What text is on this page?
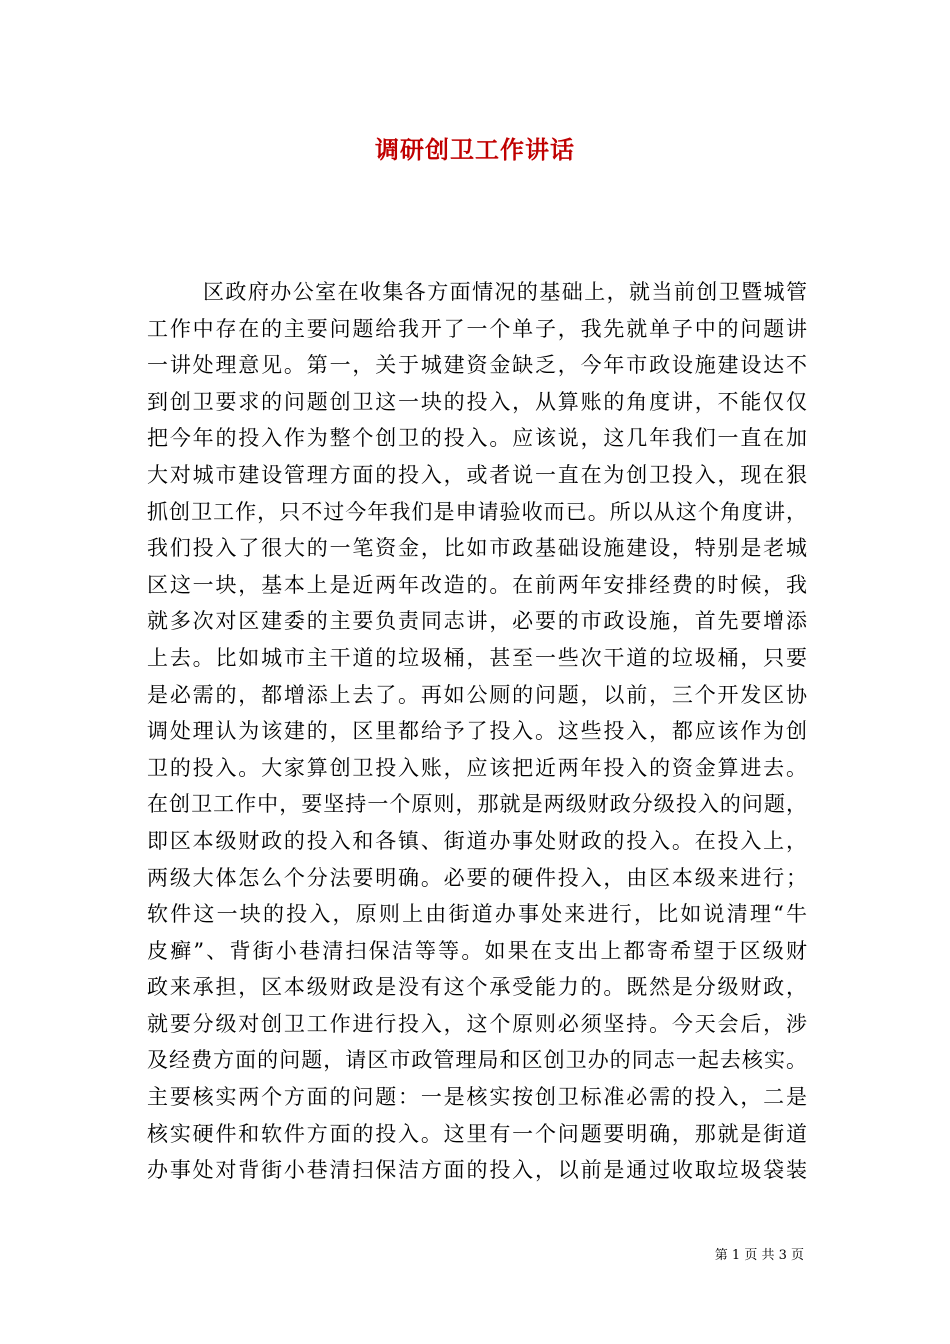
调研创卫工作讲话
区政府办公室在收集各方面情况的基础上，就当前创卫暨城管
工作中存在的主要问题给我开了一个单子，我先就单子中的问题讲
一讲处理意见。第一，关于城建资金缺乏，今年市政设施建设达不
到创卫要求的问题创卫这一块的投入，从算账的角度讲，不能仅仅
把今年的投入作为整个创卫的投入。应该说，这几年我们一直在加
大对城市建设管理方面的投入，或者说一直在为创卫投入，现在狠
抓创卫工作，只不过今年我们是申请验收而已。所以从这个角度讲，
我们投入了很大的一笔资金，比如市政基础设施建设，特别是老城
区这一块，基本上是近两年改造的。在前两年安排经费的时候，我
就多次对区建委的主要负责同志讲，必要的市政设施，首先要增添
上去。比如城市主干道的垃圾桶，甚至一些次干道的垃圾桶，只要
是必需的，都增添上去了。再如公厕的问题，以前，三个开发区协
调处理认为该建的，区里都给予了投入。这些投入，都应该作为创
卫的投入。大家算创卫投入账，应该把近两年投入的资金算进去。
在创卫工作中，要坚持一个原则，那就是两级财政分级投入的问题，
即区本级财政的投入和各镇、街道办事处财政的投入。在投入上，
两级大体怎么个分法要明确。必要的硬件投入，由区本级来进行；
软件这一块的投入，原则上由街道办事处来进行，比如说清理“牛
皮癣”、背街小巷清扫保洁等等。如果在支出上都寄希望于区级财
政来承担，区本级财政是没有这个承受能力的。既然是分级财政，
就要分级对创卫工作进行投入，这个原则必须坚持。今天会后，涉
及经费方面的问题，请区市政管理局和区创卫办的同志一起去核实。
主要核实两个方面的问题：一是核实按创卫标准必需的投入，二是
核实硬件和软件方面的投入。这里有一个问题要明确，那就是街道
办事处对背街小巷清扫保洁方面的投入，以前是通过收取垃圾袋装
第 1 页 共 3 页
